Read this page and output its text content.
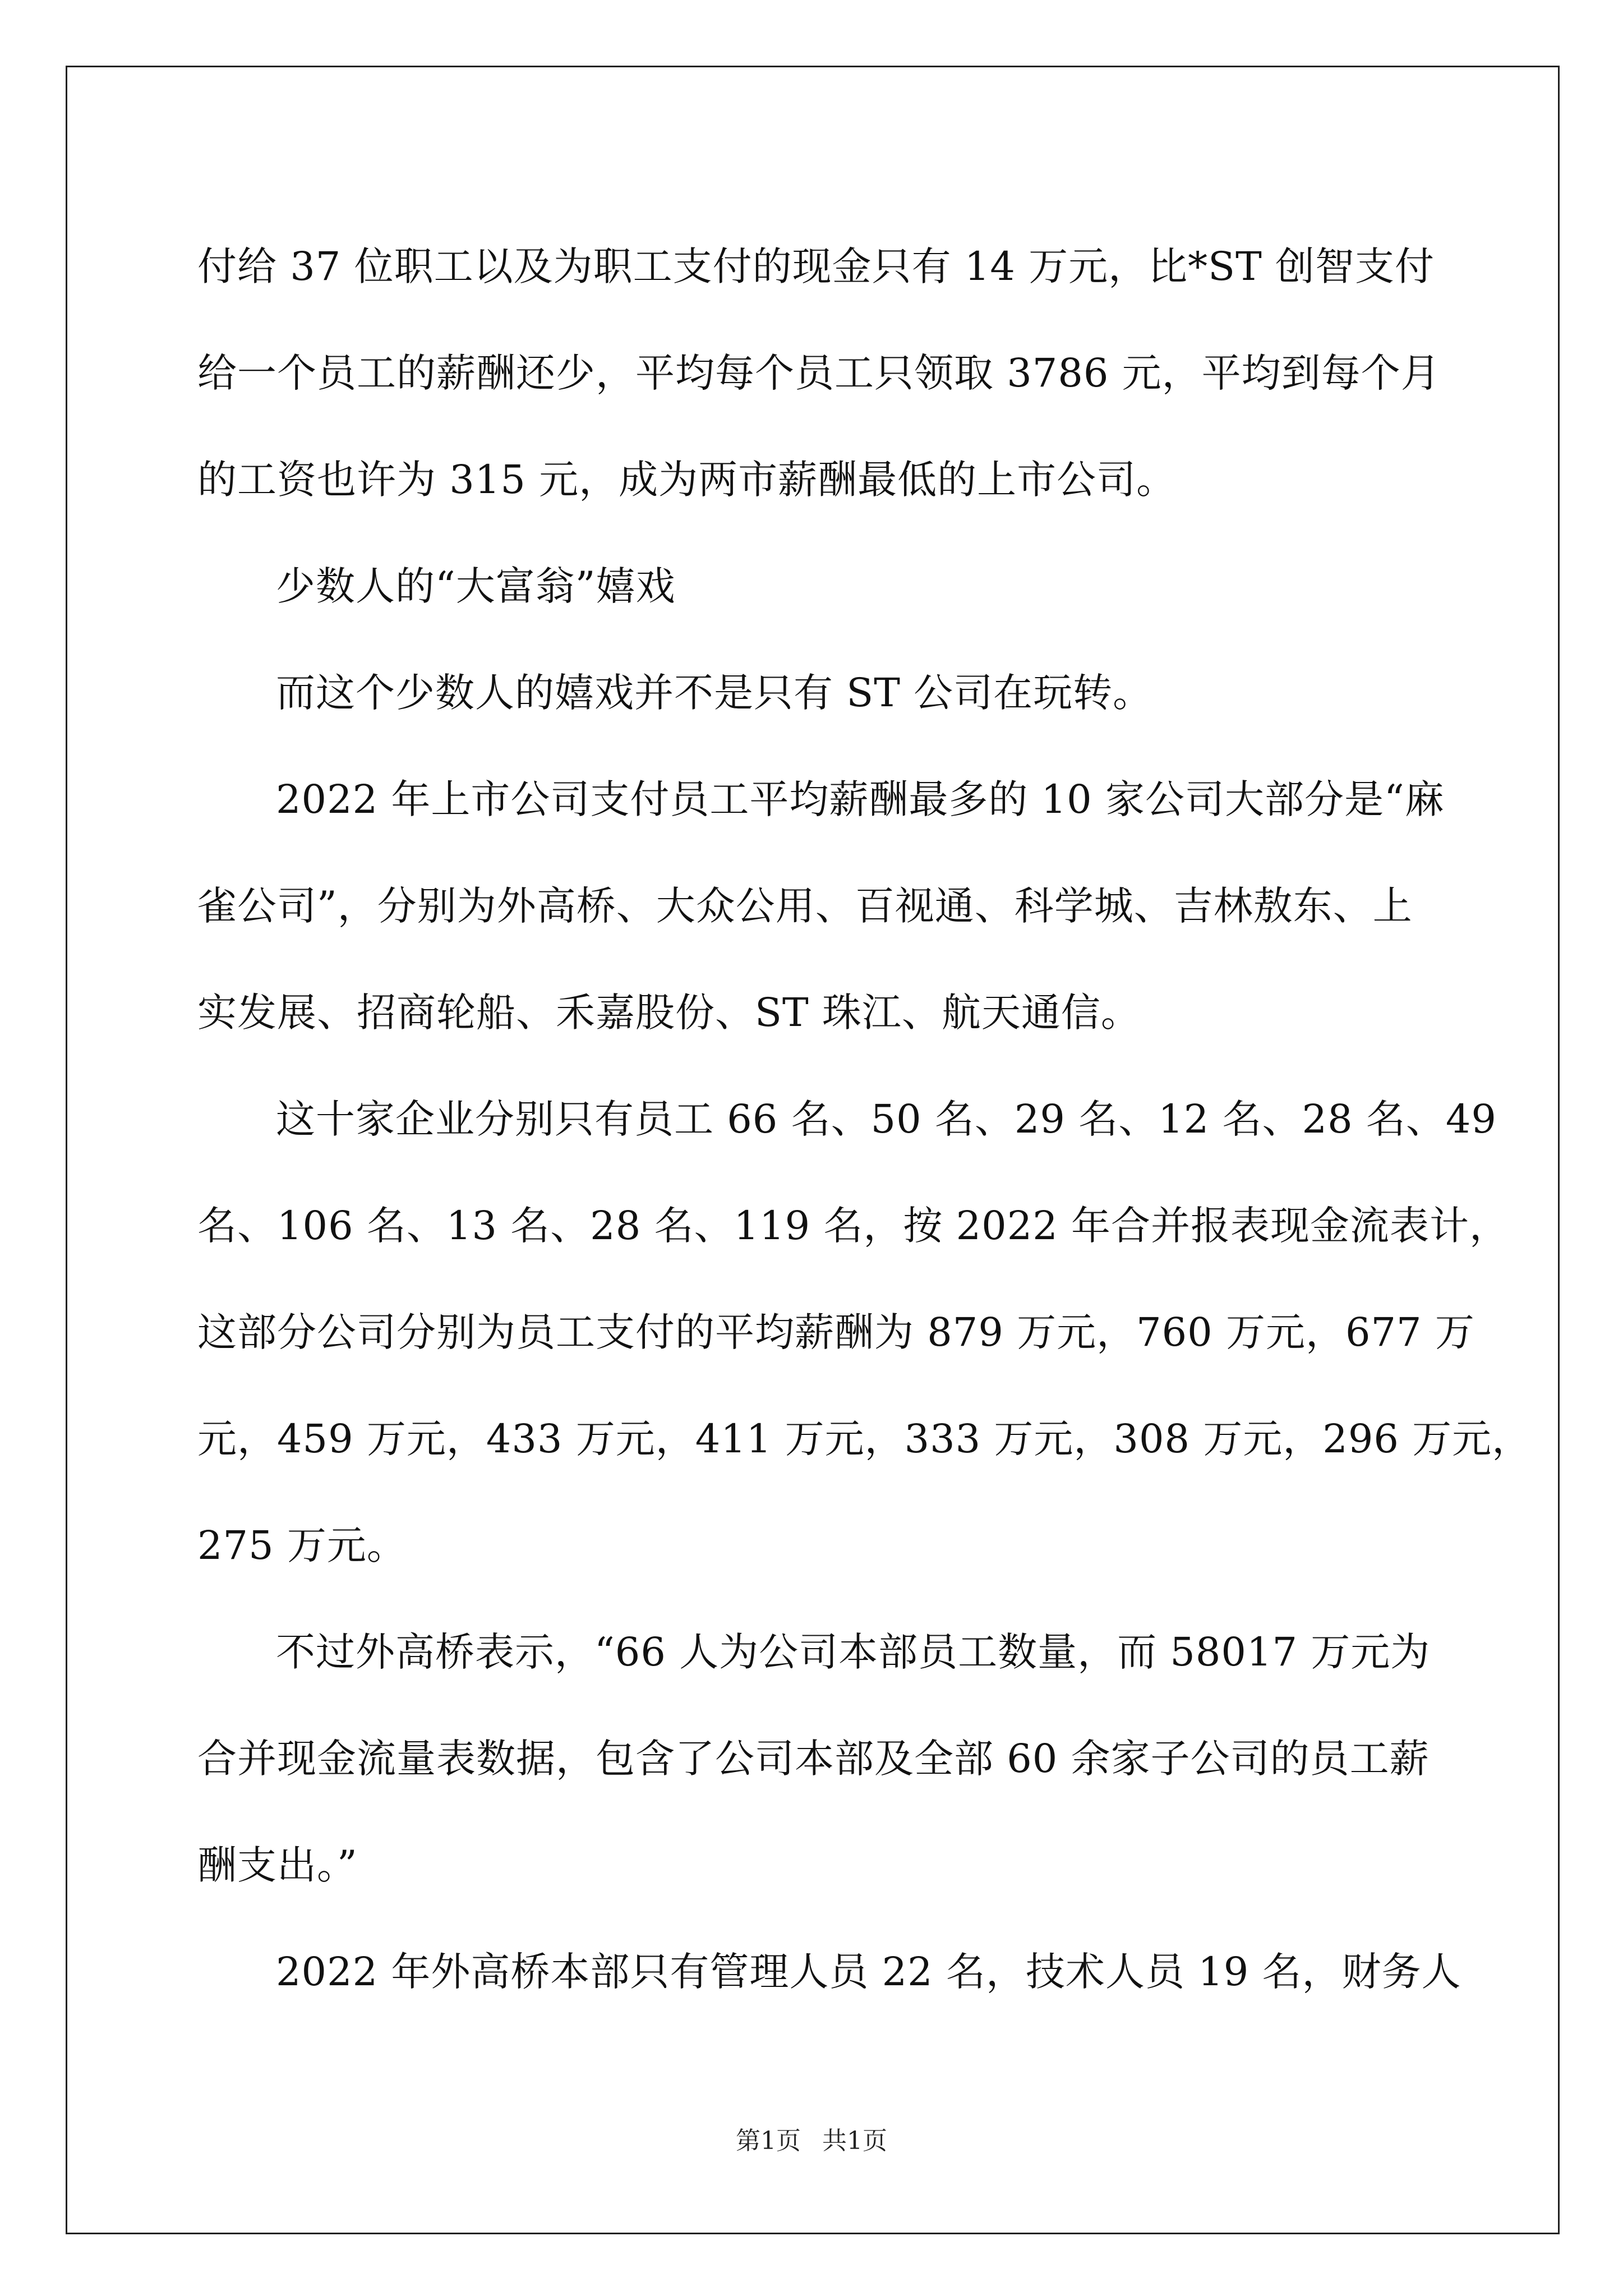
付给 37 位职工以及为职工支付的现金只有 14 万元，比*ST 创智支付
给一个员工的薪酬还少，平均每个员工只领取 3786 元，平均到每个月
的工资也许为 315 元，成为两市薪酬最低的上市公司。

少数人的“大富翁”嬉戏

而这个少数人的嬉戏并不是只有 ST 公司在玩转。

2022 年上市公司支付员工平均薪酬最多的 10 家公司大部分是“麻

雀公司”，分别为外高桥、大众公用、百视通、科学城、吉林敖东、上
实发展、招商轮船、禾嘉股份、ST 珠江、航天通信。

这十家企业分别只有员工 66 名、50 名、29 名、12 名、28 名、49

名、106 名、13 名、28 名、119 名，按 2022 年合并报表现金流表计，
这部分公司分别为员工支付的平均薪酬为 879 万元，760 万元，677 万
元，459 万元，433 万元，411 万元，333 万元，308 万元，296 万元，
275 万元。

不过外高桥表示，“66 人为公司本部员工数量，而 58017 万元为

合并现金流量表数据，包含了公司本部及全部 60 余家子公司的员工薪
酬支出。”

2022 年外高桥本部只有管理人员 22 名，技术人员 19 名，财务人

第1页 共1页
